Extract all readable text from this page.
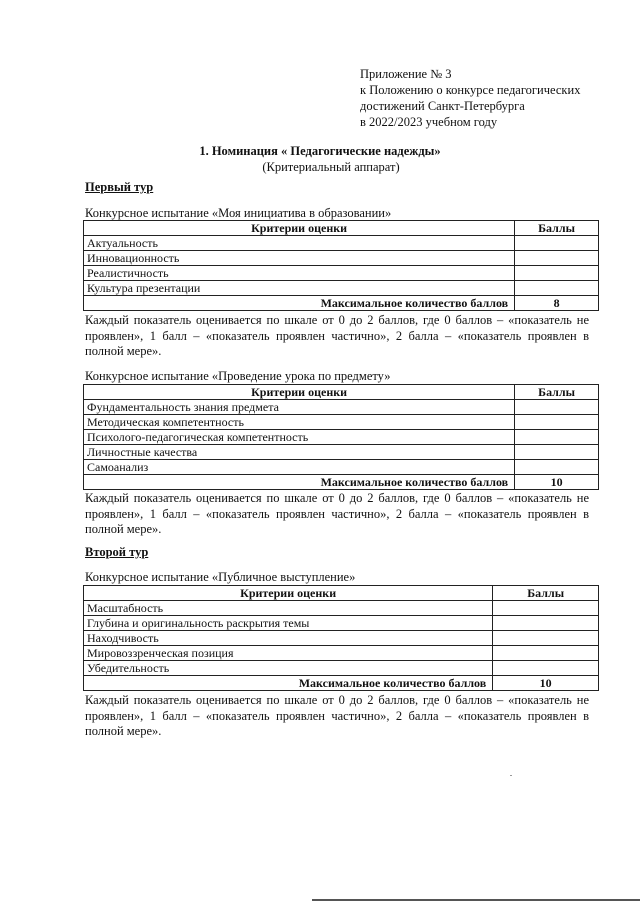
Приложение № 3
к Положению о конкурсе педагогических
достижений Санкт-Петербурга
в 2022/2023 учебном году
1. Номинация « Педагогические надежды»
(Критериальный аппарат)
Первый тур
Конкурсное испытание «Моя инициатива в образовании»
Критерии оценки	Баллы
Актуальность	
Инновационность	
Реалистичность	
Культура презентации	
Максимальное количество баллов	8
Каждый показатель оценивается по шкале от 0 до 2 баллов, где 0 баллов – «показатель не проявлен», 1 балл – «показатель проявлен частично», 2 балла – «показатель проявлен в полной мере».
Конкурсное испытание «Проведение урока по предмету»
Критерии оценки	Баллы
Фундаментальность знания предмета	
Методическая компетентность	
Психолого-педагогическая компетентность	
Личностные качества	
Самоанализ	
Максимальное количество баллов	10
Каждый показатель оценивается по шкале от 0 до 2 баллов, где 0 баллов – «показатель не проявлен», 1 балл – «показатель проявлен частично», 2 балла – «показатель проявлен в полной мере».
Второй тур
Конкурсное испытание «Публичное выступление»
Критерии оценки	Баллы
Масштабность	
Глубина и оригинальность раскрытия темы	
Находчивость	
Мировоззренческая позиция	
Убедительность	
Максимальное количество баллов	10
Каждый показатель оценивается по шкале от 0 до 2 баллов, где 0 баллов – «показатель не проявлен», 1 балл – «показатель проявлен частично», 2 балла – «показатель проявлен в полной мере».
